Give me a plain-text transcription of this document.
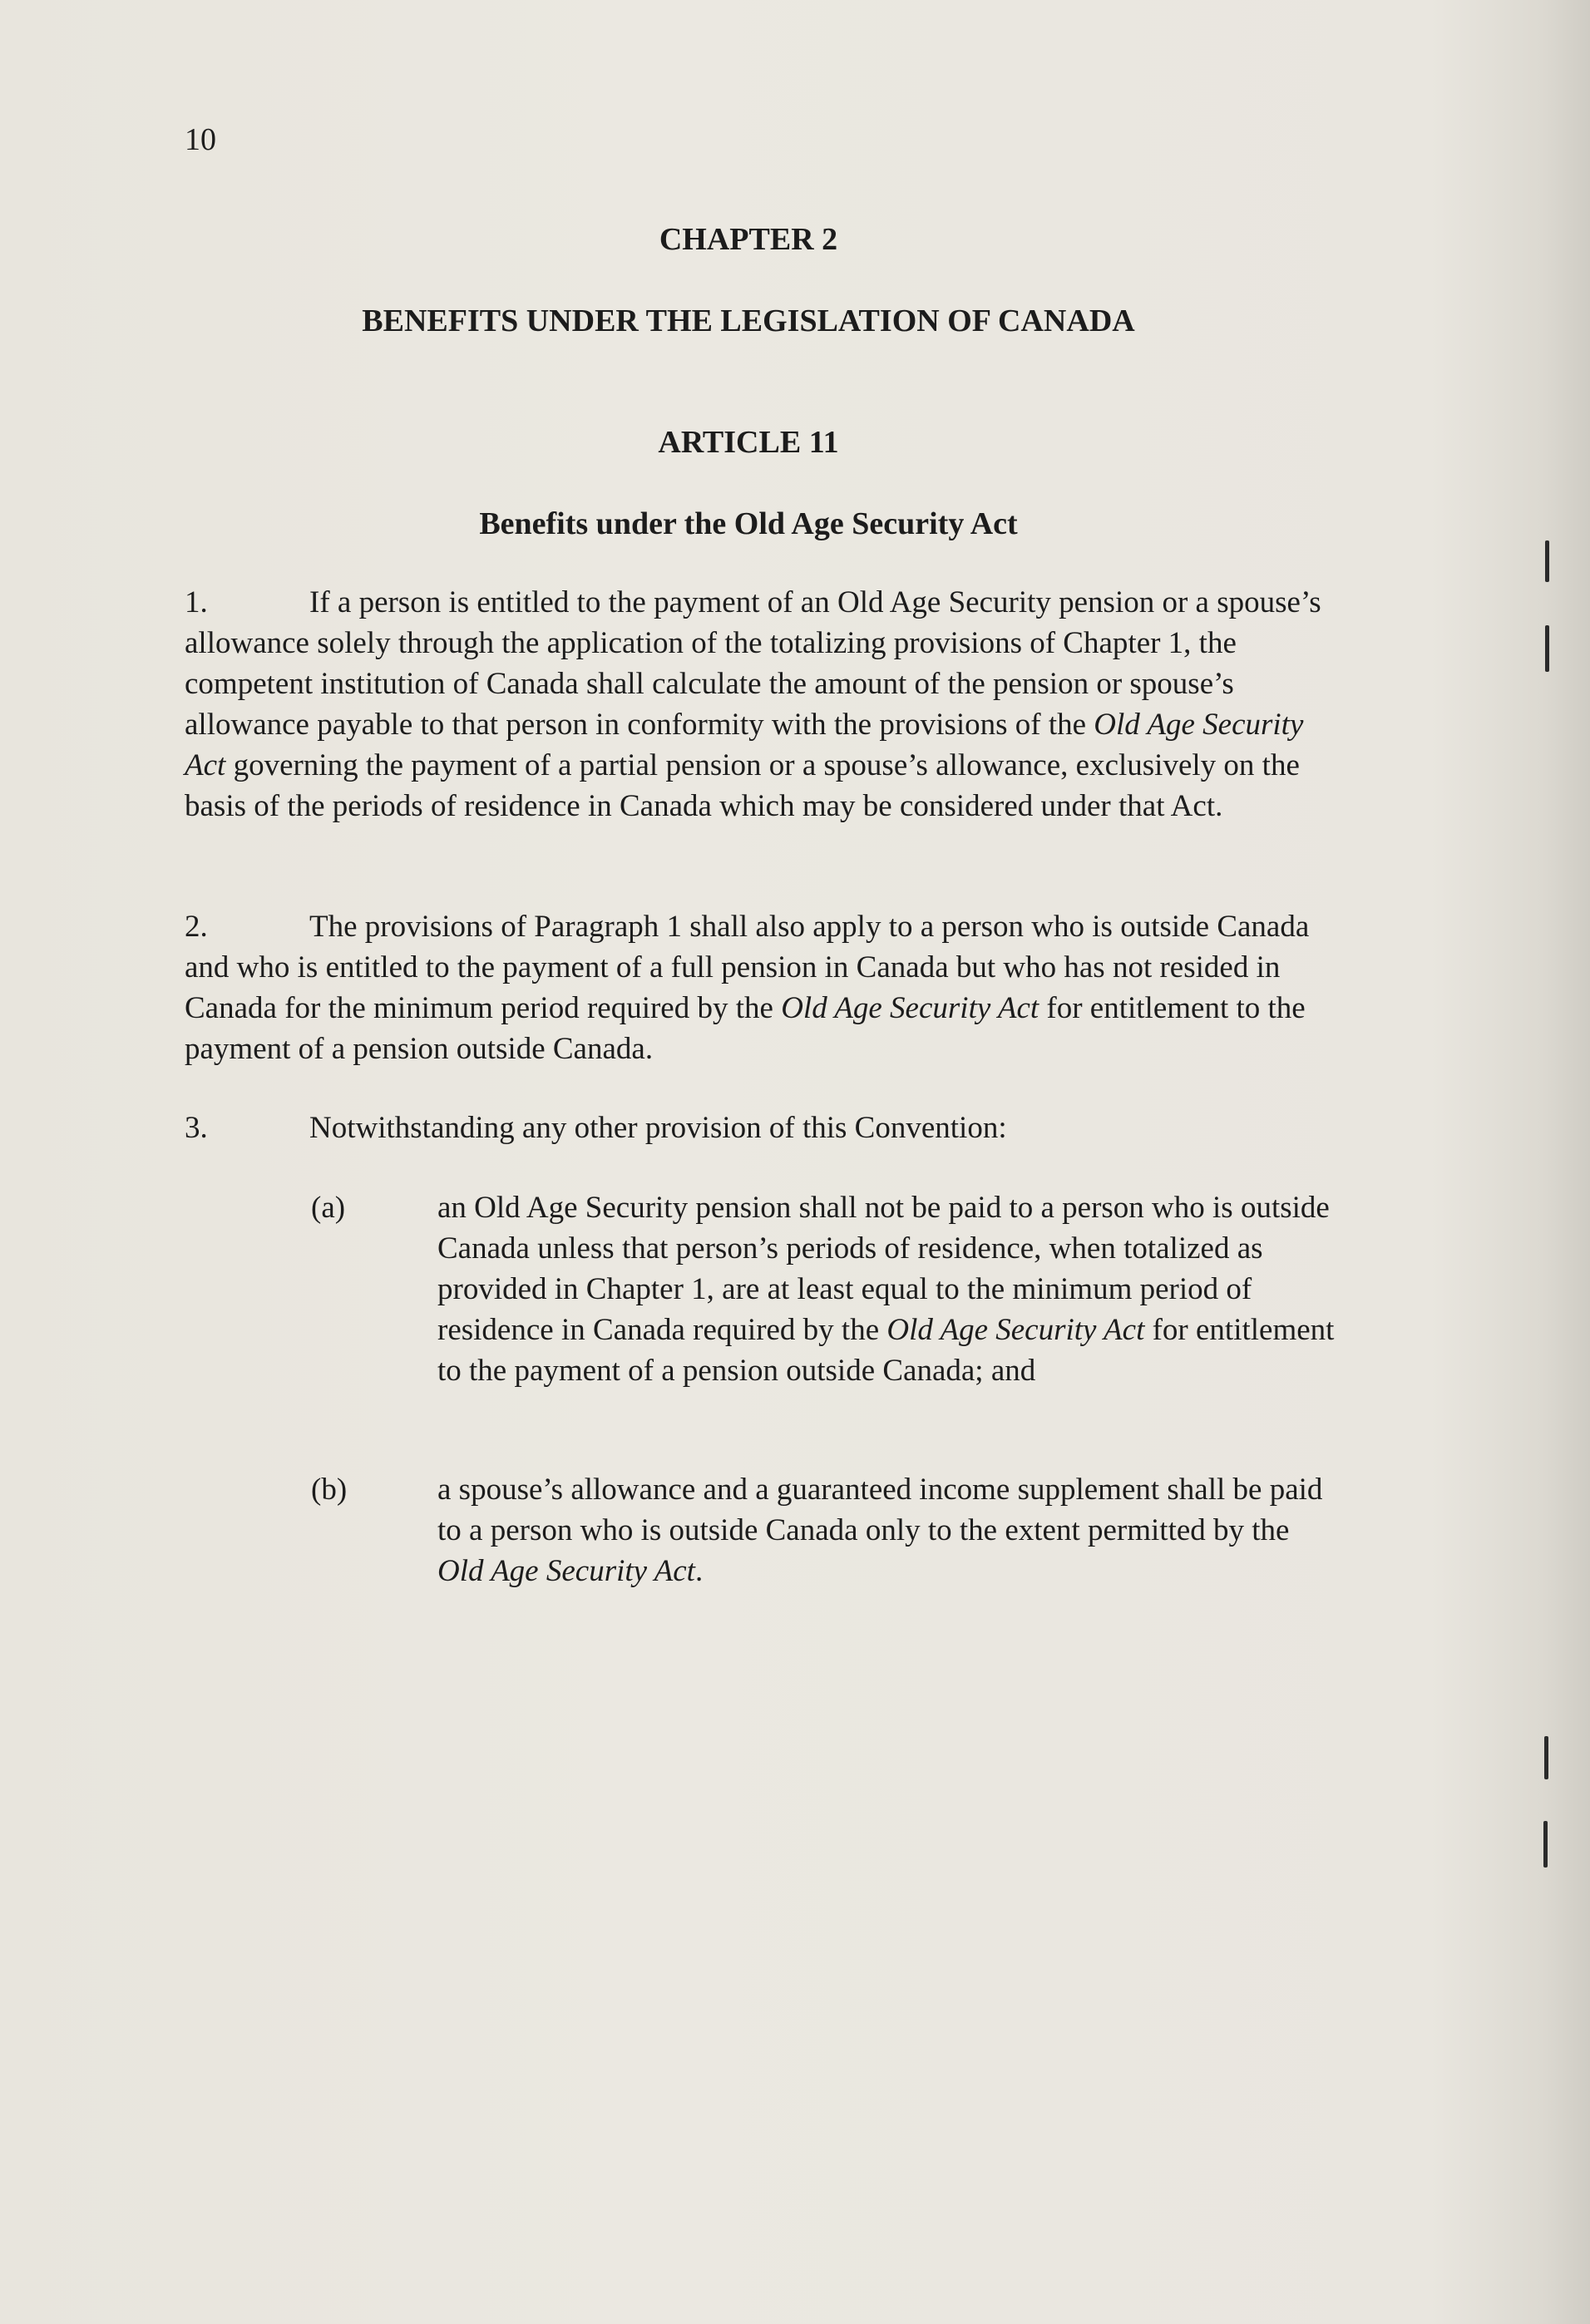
10
CHAPTER 2
BENEFITS UNDER THE LEGISLATION OF CANADA
ARTICLE 11
Benefits under the Old Age Security Act
1.	If a person is entitled to the payment of an Old Age Security pension or a spouse’s allowance solely through the application of the totalizing provisions of Chapter 1, the competent institution of Canada shall calculate the amount of the pension or spouse’s allowance payable to that person in conformity with the provisions of the Old Age Security Act governing the payment of a partial pension or a spouse’s allowance, exclusively on the basis of the periods of residence in Canada which may be considered under that Act.
2.	The provisions of Paragraph 1 shall also apply to a person who is outside Canada and who is entitled to the payment of a full pension in Canada but who has not resided in Canada for the minimum period required by the Old Age Security Act for entitlement to the payment of a pension outside Canada.
3.	Notwithstanding any other provision of this Convention:
(a)	an Old Age Security pension shall not be paid to a person who is outside Canada unless that person’s periods of residence, when totalized as provided in Chapter 1, are at least equal to the minimum period of residence in Canada required by the Old Age Security Act for entitlement to the payment of a pension outside Canada; and
(b)	a spouse’s allowance and a guaranteed income supplement shall be paid to a person who is outside Canada only to the extent permitted by the Old Age Security Act.
